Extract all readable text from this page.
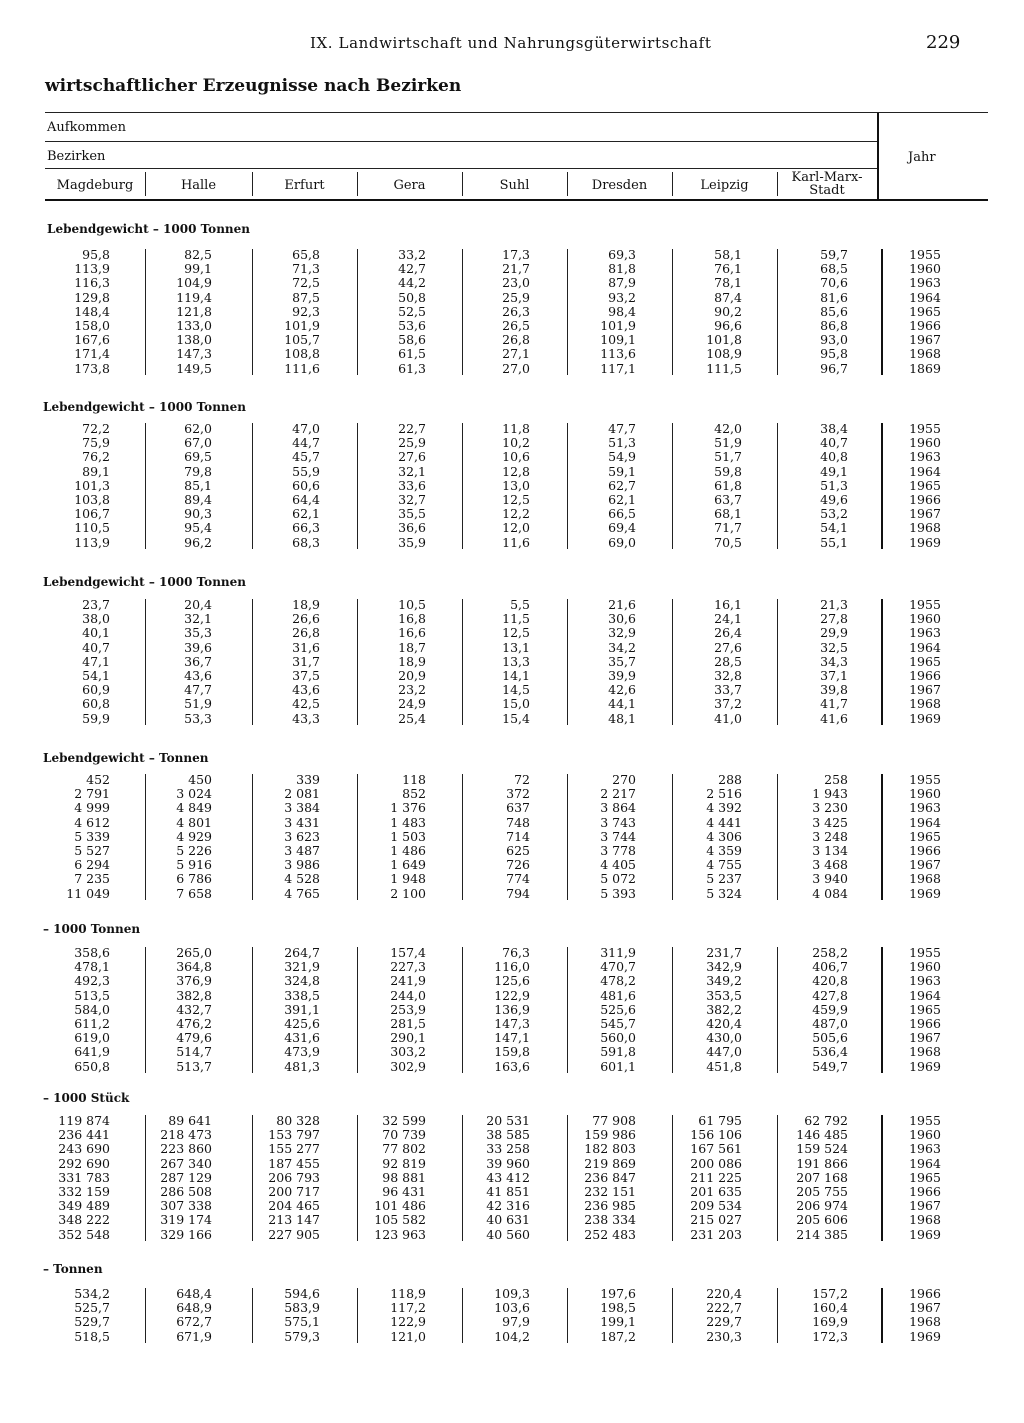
IX. Landwirtschaft und Nahrungsgüterwirtschaft	229
wirtschaftlicher Erzeugnisse nach Bezirken
Aufkommen
Bezirken	Jahr
Magdeburg	Halle	Erfurt	Gera	Suhl	Dresden	Leipzig
Karl-Marx-
Stadt
Lebendgewicht – 1000 Tonnen
95,8	82,5	65,8	33,2	17,3	69,3	58,1	59,7	1955
113,9	99,1	71,3	42,7	21,7	81,8	76,1	68,5	1960
116,3	104,9	72,5	44,2	23,0	87,9	78,1	70,6	1963
129,8	119,4	87,5	50,8	25,9	93,2	87,4	81,6	1964
148,4	121,8	92,3	52,5	26,3	98,4	90,2	85,6	1965
158,0	133,0	101,9	53,6	26,5	101,9	96,6	86,8	1966
167,6	138,0	105,7	58,6	26,8	109,1	101,8	93,0	1967
171,4	147,3	108,8	61,5	27,1	113,6	108,9	95,8	1968
173,8	149,5	111,6	61,3	27,0	117,1	111,5	96,7	1869
Lebendgewicht – 1000 Tonnen
72,2	62,0	47,0	22,7	11,8	47,7	42,0	38,4	1955
75,9	67,0	44,7	25,9	10,2	51,3	51,9	40,7	1960
76,2	69,5	45,7	27,6	10,6	54,9	51,7	40,8	1963
89,1	79,8	55,9	32,1	12,8	59,1	59,8	49,1	1964
101,3	85,1	60,6	33,6	13,0	62,7	61,8	51,3	1965
103,8	89,4	64,4	32,7	12,5	62,1	63,7	49,6	1966
106,7	90,3	62,1	35,5	12,2	66,5	68,1	53,2	1967
110,5	95,4	66,3	36,6	12,0	69,4	71,7	54,1	1968
113,9	96,2	68,3	35,9	11,6	69,0	70,5	55,1	1969
Lebendgewicht – 1000 Tonnen
23,7	20,4	18,9	10,5	5,5	21,6	16,1	21,3	1955
38,0	32,1	26,6	16,8	11,5	30,6	24,1	27,8	1960
40,1	35,3	26,8	16,6	12,5	32,9	26,4	29,9	1963
40,7	39,6	31,6	18,7	13,1	34,2	27,6	32,5	1964
47,1	36,7	31,7	18,9	13,3	35,7	28,5	34,3	1965
54,1	43,6	37,5	20,9	14,1	39,9	32,8	37,1	1966
60,9	47,7	43,6	23,2	14,5	42,6	33,7	39,8	1967
60,8	51,9	42,5	24,9	15,0	44,1	37,2	41,7	1968
59,9	53,3	43,3	25,4	15,4	48,1	41,0	41,6	1969
Lebendgewicht – Tonnen
452	450	339	118	72	270	288	258	1955
2 791	3 024	2 081	852	372	2 217	2 516	1 943	1960
4 999	4 849	3 384	1 376	637	3 864	4 392	3 230	1963
4 612	4 801	3 431	1 483	748	3 743	4 441	3 425	1964
5 339	4 929	3 623	1 503	714	3 744	4 306	3 248	1965
5 527	5 226	3 487	1 486	625	3 778	4 359	3 134	1966
6 294	5 916	3 986	1 649	726	4 405	4 755	3 468	1967
7 235	6 786	4 528	1 948	774	5 072	5 237	3 940	1968
11 049	7 658	4 765	2 100	794	5 393	5 324	4 084	1969
– 1000 Tonnen
358,6	265,0	264,7	157,4	76,3	311,9	231,7	258,2	1955
478,1	364,8	321,9	227,3	116,0	470,7	342,9	406,7	1960
492,3	376,9	324,8	241,9	125,6	478,2	349,2	420,8	1963
513,5	382,8	338,5	244,0	122,9	481,6	353,5	427,8	1964
584,0	432,7	391,1	253,9	136,9	525,6	382,2	459,9	1965
611,2	476,2	425,6	281,5	147,3	545,7	420,4	487,0	1966
619,0	479,6	431,6	290,1	147,1	560,0	430,0	505,6	1967
641,9	514,7	473,9	303,2	159,8	591,8	447,0	536,4	1968
650,8	513,7	481,3	302,9	163,6	601,1	451,8	549,7	1969
– 1000 Stück
119 874	89 641	80 328	32 599	20 531	77 908	61 795	62 792	1955
236 441	218 473	153 797	70 739	38 585	159 986	156 106	146 485	1960
243 690	223 860	155 277	77 802	33 258	182 803	167 561	159 524	1963
292 690	267 340	187 455	92 819	39 960	219 869	200 086	191 866	1964
331 783	287 129	206 793	98 881	43 412	236 847	211 225	207 168	1965
332 159	286 508	200 717	96 431	41 851	232 151	201 635	205 755	1966
349 489	307 338	204 465	101 486	42 316	236 985	209 534	206 974	1967
348 222	319 174	213 147	105 582	40 631	238 334	215 027	205 606	1968
352 548	329 166	227 905	123 963	40 560	252 483	231 203	214 385	1969
– Tonnen
534,2	648,4	594,6	118,9	109,3	197,6	220,4	157,2	1966
525,7	648,9	583,9	117,2	103,6	198,5	222,7	160,4	1967
529,7	672,7	575,1	122,9	97,9	199,1	229,7	169,9	1968
518,5	671,9	579,3	121,0	104,2	187,2	230,3	172,3	1969
